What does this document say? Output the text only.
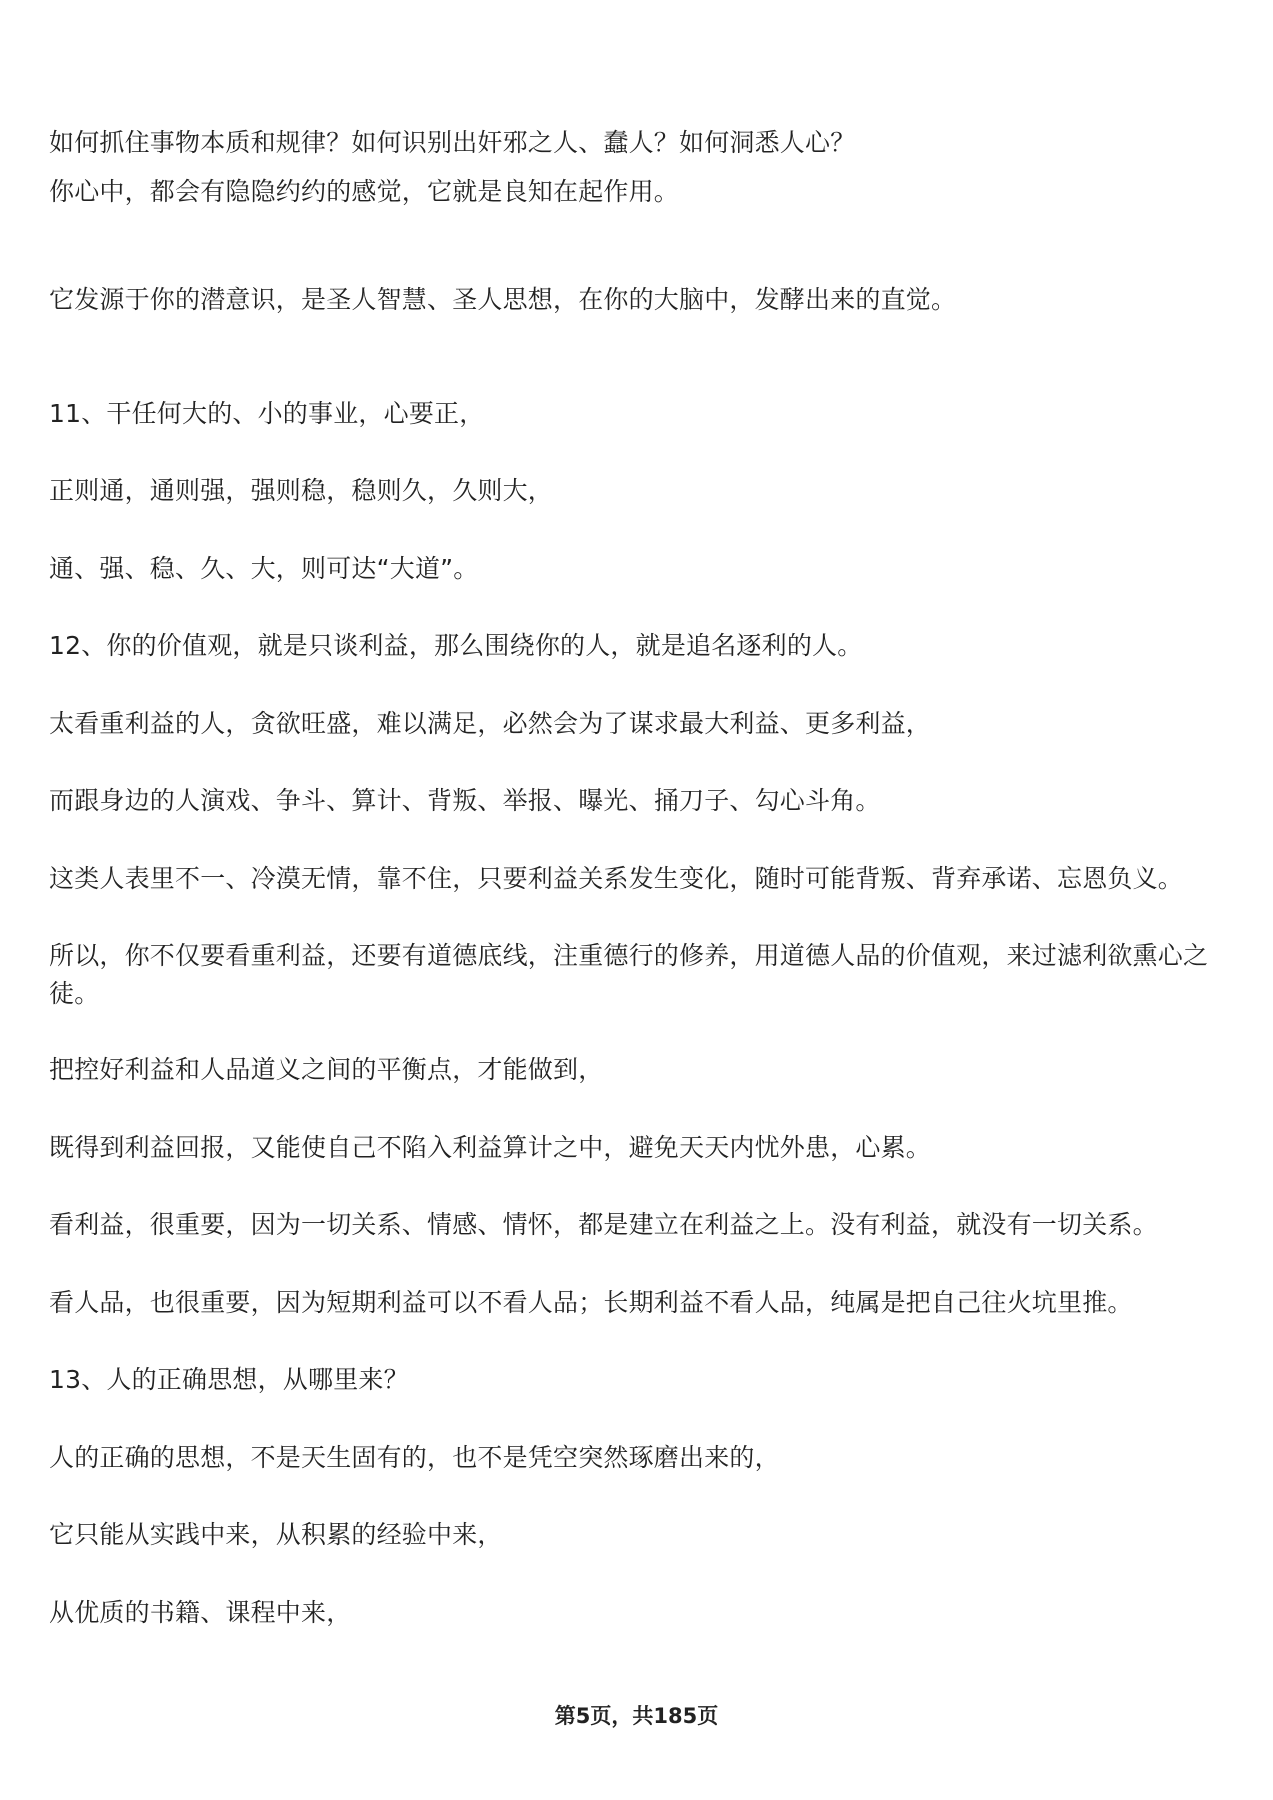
如何抓住事物本质和规律？如何识别出奸邪之人、蠢人？如何洞悉人心？
你心中，都会有隐隐约约的感觉，它就是良知在起作用。
它发源于你的潜意识，是圣人智慧、圣人思想，在你的大脑中，发酵出来的直觉。
11、干任何大的、小的事业，心要正，
正则通，通则强，强则稳，稳则久，久则大，
通、强、稳、久、大，则可达“大道”。
12、你的价值观，就是只谈利益，那么围绕你的人，就是追名逐利的人。
太看重利益的人，贪欲旺盛，难以满足，必然会为了谋求最大利益、更多利益，
而跟身边的人演戏、争斗、算计、背叛、举报、曝光、捅刀子、勾心斗角。
这类人表里不一、冷漠无情，靠不住，只要利益关系发生变化，随时可能背叛、背弃承诺、忘恩负义。
所以，你不仅要看重利益，还要有道德底线，注重德行的修养，用道德人品的价值观，来过滤利欲熏心之徒。
把控好利益和人品道义之间的平衡点，才能做到，
既得到利益回报，又能使自己不陷入利益算计之中，避免天天内忧外患，心累。
看利益，很重要，因为一切关系、情感、情怀，都是建立在利益之上。没有利益，就没有一切关系。
看人品，也很重要，因为短期利益可以不看人品；长期利益不看人品，纯属是把自己往火坑里推。
13、人的正确思想，从哪里来？
人的正确的思想，不是天生固有的，也不是凭空突然琢磨出来的，
它只能从实践中来，从积累的经验中来，
从优质的书籍、课程中来，
第5页，共185页
